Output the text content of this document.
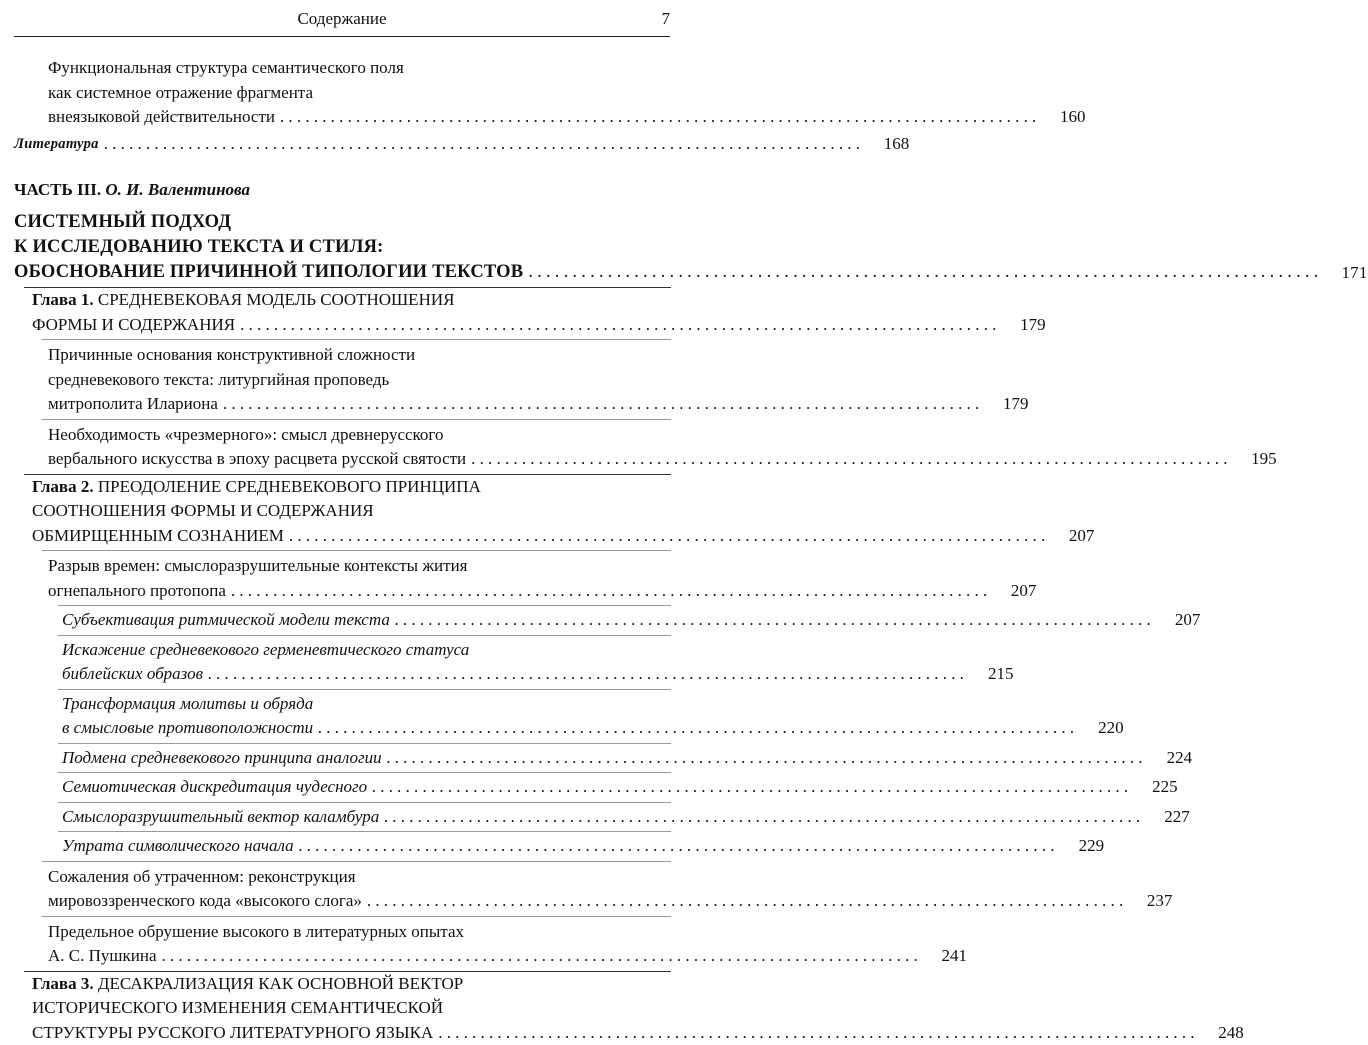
Содержание	7
Функциональная структура семантического поля
как системное отражение фрагмента
внеязыковой действительности ..........................................................................................	160
Литература ..........................................................................................	168
ЧАСТЬ III. О. И. Валентинова
СИСТЕМНЫЙ ПОДХОД
К ИССЛЕДОВАНИЮ ТЕКСТА И СТИЛЯ:
ОБОСНОВАНИЕ ПРИЧИННОЙ ТИПОЛОГИИ ТЕКСТОВ ..........................................................................................	171
Глава 1. СРЕДНЕВЕКОВАЯ МОДЕЛЬ СООТНОШЕНИЯ
ФОРМЫ И СОДЕРЖАНИЯ ..........................................................................................	179
Причинные основания конструктивной сложности
средневекового текста: литургийная проповедь
митрополита Илариона ..........................................................................................	179
Необходимость «чрезмерного»: смысл древнерусского
вербального искусства в эпоху расцвета русской святости ..........................................................................................	195
Глава 2. ПРЕОДОЛЕНИЕ СРЕДНЕВЕКОВОГО ПРИНЦИПА
СООТНОШЕНИЯ ФОРМЫ И СОДЕРЖАНИЯ
ОБМИРЩЕННЫМ СОЗНАНИЕМ ..........................................................................................	207
Разрыв времен: смыслоразрушительные контексты жития
огнепального протопопа ..........................................................................................	207
Субъективация ритмической модели текста ..........................................................................................	207
Искажение средневекового герменевтического статуса
библейских образов ..........................................................................................	215
Трансформация молитвы и обряда
в смысловые противоположности ..........................................................................................	220
Подмена средневекового принципа аналогии ..........................................................................................	224
Семиотическая дискредитация чудесного ..........................................................................................	225
Смыслоразрушительный вектор каламбура ..........................................................................................	227
Утрата символического начала ..........................................................................................	229
Сожаления об утраченном: реконструкция
мировоззренческого кода «высокого слога» ..........................................................................................	237
Предельное обрушение высокого в литературных опытах
А. С. Пушкина ..........................................................................................	241
Глава 3. ДЕСАКРАЛИЗАЦИЯ КАК ОСНОВНОЙ ВЕКТОР
ИСТОРИЧЕСКОГО ИЗМЕНЕНИЯ СЕМАНТИЧЕСКОЙ
СТРУКТУРЫ РУССКОГО ЛИТЕРАТУРНОГО ЯЗЫКА ..........................................................................................	248
